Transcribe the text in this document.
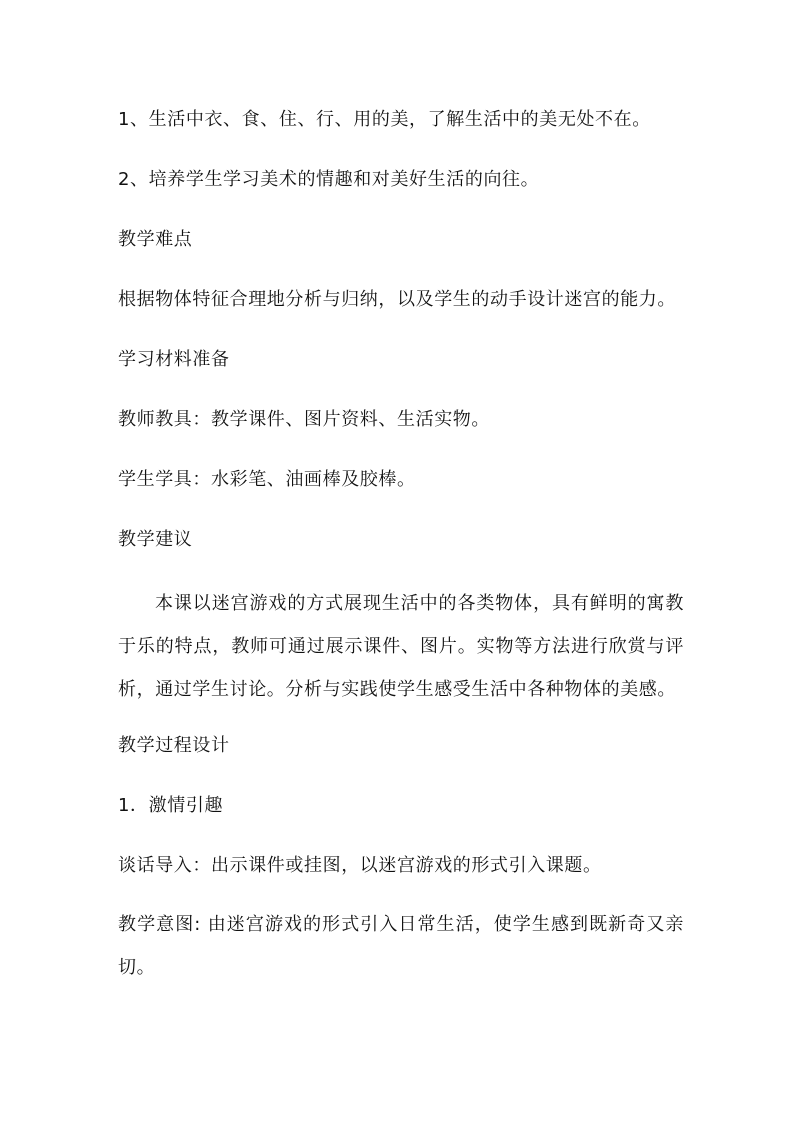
1、生活中衣、食、住、行、用的美，了解生活中的美无处不在。
2、培养学生学习美术的情趣和对美好生活的向往。
教学难点
根据物体特征合理地分析与归纳，以及学生的动手设计迷宫的能力。
学习材料准备
教师教具：教学课件、图片资料、生活实物。
学生学具：水彩笔、油画棒及胶棒。
教学建议
本课以迷宫游戏的方式展现生活中的各类物体，具有鲜明的寓教于乐的特点，教师可通过展示课件、图片。实物等方法进行欣赏与评析，通过学生讨论。分析与实践使学生感受生活中各种物体的美感。
教学过程设计
1．激情引趣
谈话导入：出示课件或挂图，以迷宫游戏的形式引入课题。
教学意图: 由迷宫游戏的形式引入日常生活，使学生感到既新奇又亲切。
